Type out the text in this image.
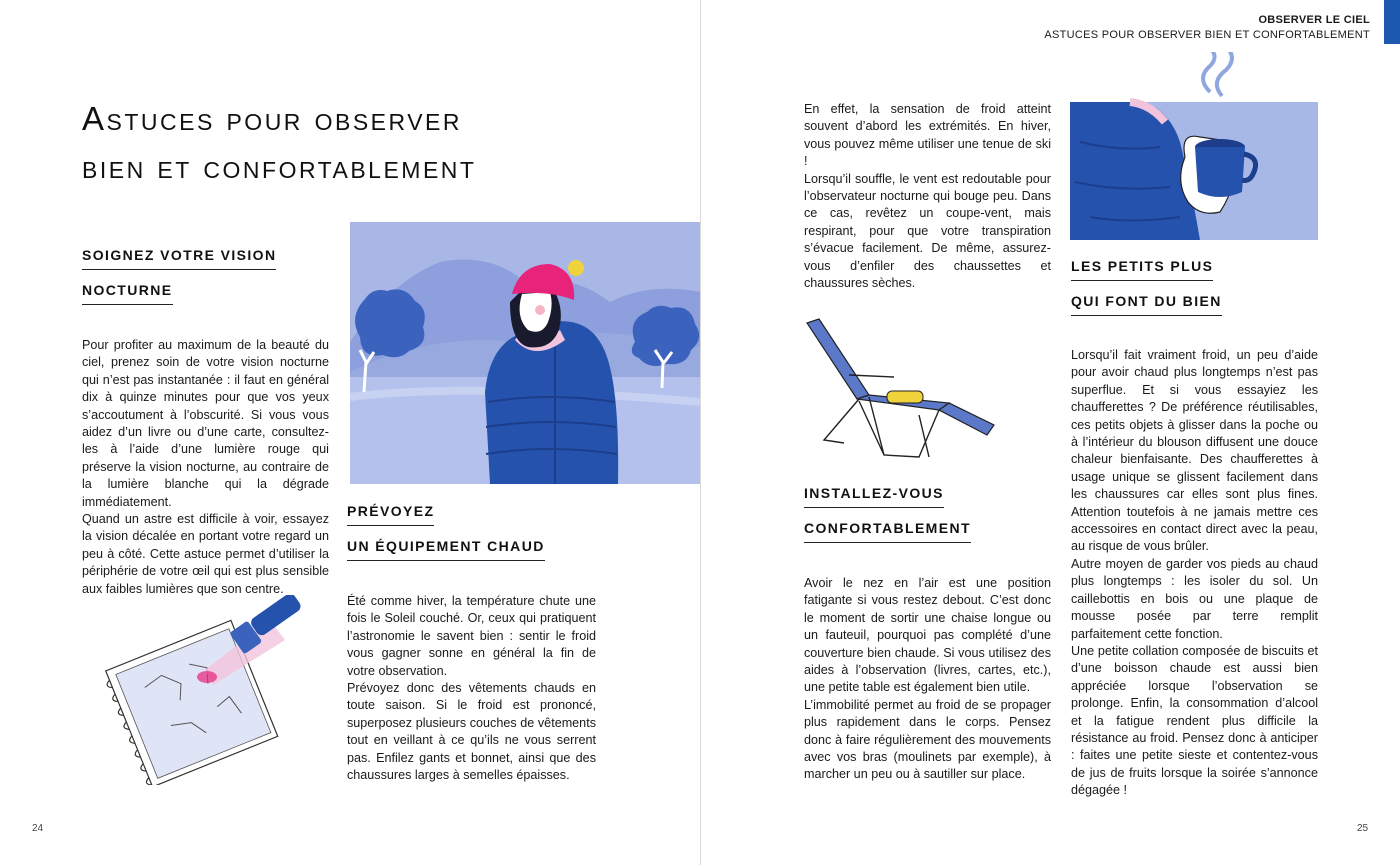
Astuces pour observer
bien et confortablement
SOIGNEZ VOTRE VISION
NOCTURNE

Pour profiter au maximum de la beauté du ciel, prenez soin de votre vision nocturne qui n’est pas instantanée : il faut en général dix à quinze minutes pour que vos yeux s’accoutument à l’obscurité. Si vous vous aidez d’un livre ou d’une carte, consultez-les à l’aide d’une lumière rouge qui préserve la vision nocturne, au contraire de la lumière blanche qui la dégrade immédiatement.

Quand un astre est difficile à voir, essayez la vision décalée en portant votre regard un peu à côté. Cette astuce permet d’utiliser la périphérie de votre œil qui est plus sensible aux faibles lumières que son centre.

PRÉVOYEZ
UN ÉQUIPEMENT CHAUD

Été comme hiver, la température chute une fois le Soleil couché. Or, ceux qui pratiquent l’astronomie le savent bien : sentir le froid vous gagner sonne en général la fin de votre observation.

Prévoyez donc des vêtements chauds en toute saison. Si le froid est prononcé, superposez plusieurs couches de vêtements tout en veillant à ce qu’ils ne vous serrent pas. Enfilez gants et bonnet, ainsi que des chaussures larges à semelles épaisses.

24
OBSERVER LE CIEL
ASTUCES POUR OBSERVER BIEN ET CONFORTABLEMENT

En effet, la sensation de froid atteint souvent d’abord les extrémités. En hiver, vous pouvez même utiliser une tenue de ski !

Lorsqu’il souffle, le vent est redoutable pour l’observateur nocturne qui bouge peu. Dans ce cas, revêtez un coupe-vent, mais respirant, pour que votre transpiration s’évacue facilement. De même, assurez-vous d’enfiler des chaussettes et chaussures sèches.

LES PETITS PLUS
QUI FONT DU BIEN

Lorsqu’il fait vraiment froid, un peu d’aide pour avoir chaud plus longtemps n’est pas superflue. Et si vous essayiez les chaufferettes ? De préférence réutilisables, ces petits objets à glisser dans la poche ou à l’intérieur du blouson diffusent une douce chaleur bienfaisante. Des chaufferettes à usage unique se glissent facilement dans les chaussures car elles sont plus fines. Attention toutefois à ne jamais mettre ces accessoires en contact direct avec la peau, au risque de vous brûler.

Autre moyen de garder vos pieds au chaud plus longtemps : les isoler du sol. Un caillebottis en bois ou une plaque de mousse posée par terre remplit parfaitement cette fonction.

Une petite collation composée de biscuits et d’une boisson chaude est aussi bien appréciée lorsque l’observation se prolonge. Enfin, la consommation d’alcool et la fatigue rendent plus difficile la résistance au froid. Pensez donc à anticiper : faites une petite sieste et contentez-vous de jus de fruits lorsque la soirée s’annonce dégagée !

INSTALLEZ-VOUS
CONFORTABLEMENT

Avoir le nez en l’air est une position fatigante si vous restez debout. C’est donc le moment de sortir une chaise longue ou un fauteuil, pourquoi pas complété d’une couverture bien chaude. Si vous utilisez des aides à l’observation (livres, cartes, etc.), une petite table est également bien utile.

L’immobilité permet au froid de se propager plus rapidement dans le corps. Pensez donc à faire régulièrement des mouvements avec vos bras (moulinets par exemple), à marcher un peu ou à sautiller sur place.

25
